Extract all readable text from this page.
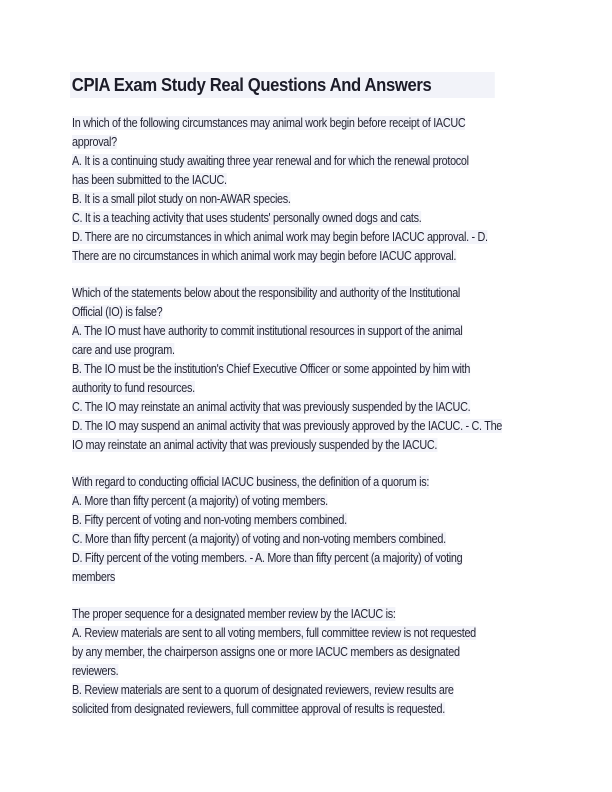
CPIA Exam Study Real Questions And Answers
In which of the following circumstances may animal work begin before receipt of IACUC
approval?
A. It is a continuing study awaiting three year renewal and for which the renewal protocol
has been submitted to the IACUC.
B. It is a small pilot study on non-AWAR species.
C. It is a teaching activity that uses students' personally owned dogs and cats.
D. There are no circumstances in which animal work may begin before IACUC approval. - D.
There are no circumstances in which animal work may begin before IACUC approval.
Which of the statements below about the responsibility and authority of the Institutional
Official (IO) is false?
A. The IO must have authority to commit institutional resources in support of the animal
care and use program.
B. The IO must be the institution's Chief Executive Officer or some appointed by him with
authority to fund resources.
C. The IO may reinstate an animal activity that was previously suspended by the IACUC.
D. The IO may suspend an animal activity that was previously approved by the IACUC. - C. The
IO may reinstate an animal activity that was previously suspended by the IACUC.
With regard to conducting official IACUC business, the definition of a quorum is:
A. More than fifty percent (a majority) of voting members.
B. Fifty percent of voting and non-voting members combined.
C. More than fifty percent (a majority) of voting and non-voting members combined.
D. Fifty percent of the voting members. - A. More than fifty percent (a majority) of voting
members
The proper sequence for a designated member review by the IACUC is:
A. Review materials are sent to all voting members, full committee review is not requested
by any member, the chairperson assigns one or more IACUC members as designated
reviewers.
B. Review materials are sent to a quorum of designated reviewers, review results are
solicited from designated reviewers, full committee approval of results is requested.
